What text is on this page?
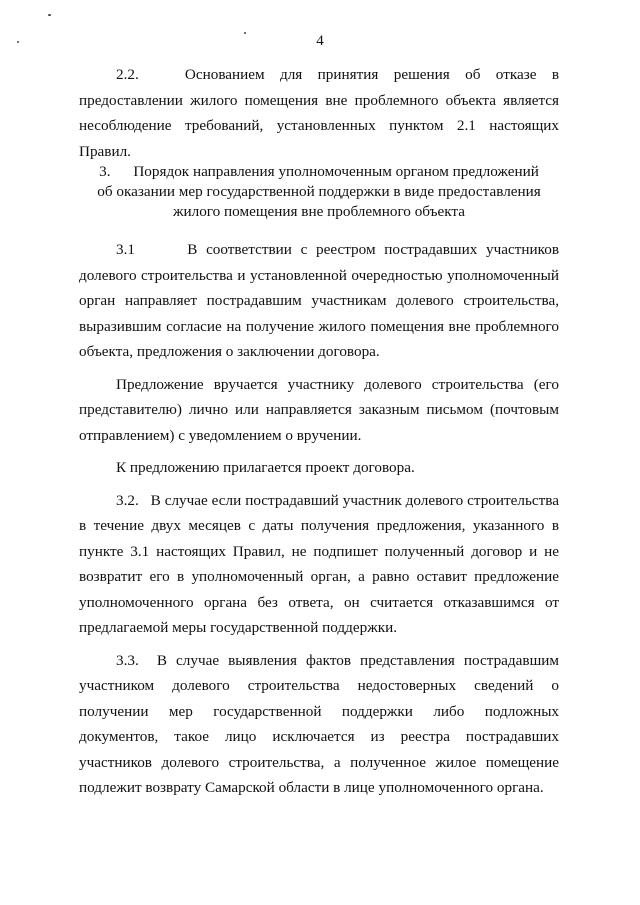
4

2.2.	Основанием для принятия решения об отказе в предоставлении жилого помещения вне проблемного объекта является несоблюдение требований, установленных пунктом 2.1 настоящих Правил.

3. Порядок направления уполномоченным органом предложений
об оказании мер государственной поддержки в виде предоставления
жилого помещения вне проблемного объекта

3.1	В соответствии с реестром пострадавших участников долевого строительства и установленной очередностью уполномоченный орган направляет пострадавшим участникам долевого строительства, выразившим согласие на получение жилого помещения вне проблемного объекта, предложения о заключении договора.

Предложение вручается участнику долевого строительства (его представителю) лично или направляется заказным письмом (почтовым отправлением) с уведомлением о вручении.

К предложению прилагается проект договора.

3.2. В случае если пострадавший участник долевого строительства в течение двух месяцев с даты получения предложения, указанного в пункте 3.1 настоящих Правил, не подпишет полученный договор и не возвратит его в уполномоченный орган, а равно оставит предложение уполномоченного органа без ответа, он считается отказавшимся от предлагаемой меры государственной поддержки.

3.3. В случае выявления фактов представления пострадавшим участником долевого строительства недостоверных сведений о получении мер государственной поддержки либо подложных документов, такое лицо исключается из реестра пострадавших участников долевого строительства, а полученное жилое помещение подлежит возврату Самарской области в лице уполномоченного органа.
